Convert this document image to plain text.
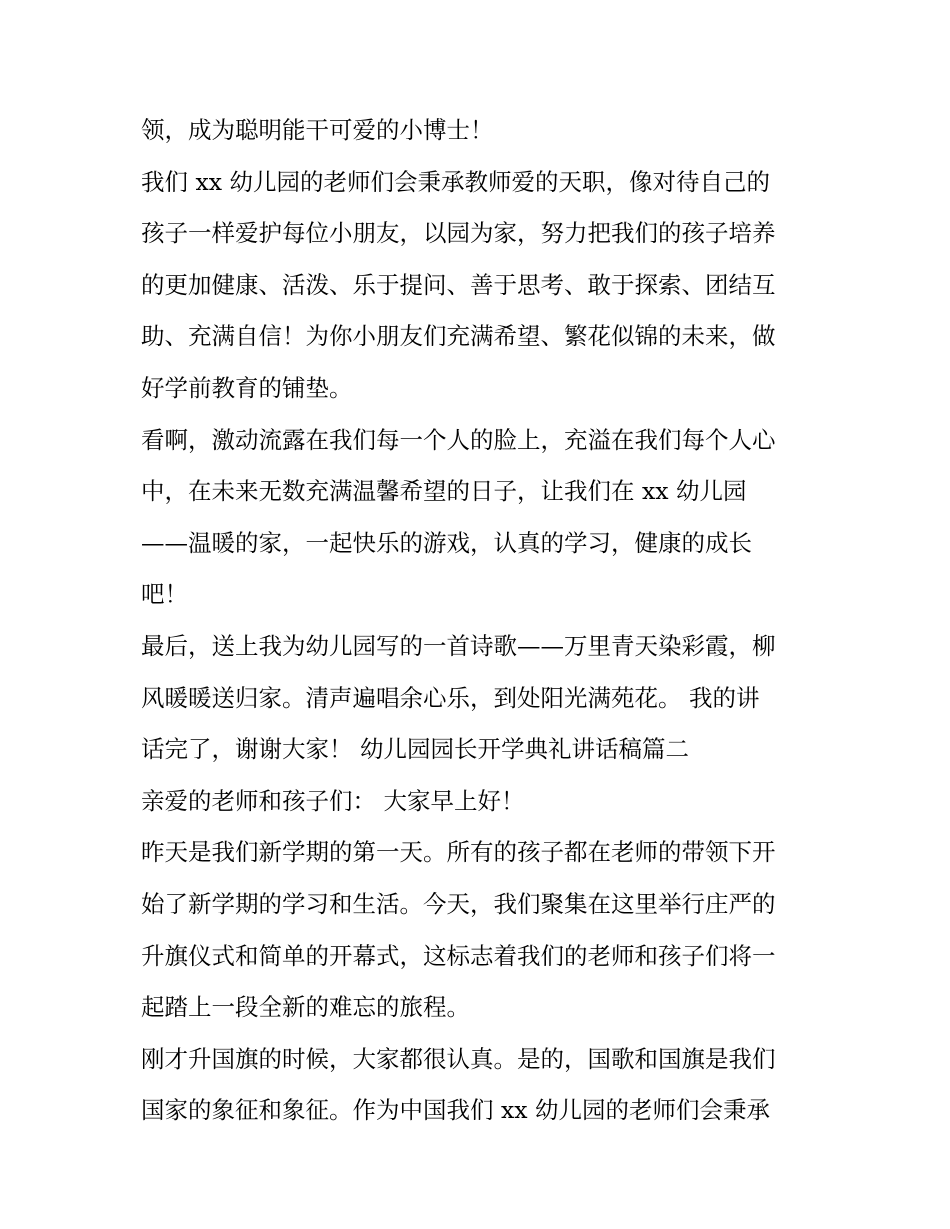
领，成为聪明能干可爱的小博士！
我们 xx 幼儿园的老师们会秉承教师爱的天职，像对待自己的
孩子一样爱护每位小朋友，以园为家，努力把我们的孩子培养
的更加健康、活泼、乐于提问、善于思考、敢于探索、团结互
助、充满自信！为你小朋友们充满希望、繁花似锦的未来，做
好学前教育的铺垫。
看啊，激动流露在我们每一个人的脸上，充溢在我们每个人心
中，在未来无数充满温馨希望的日子，让我们在 xx 幼儿园
——温暖的家，一起快乐的游戏，认真的学习，健康的成长
吧！
最后，送上我为幼儿园写的一首诗歌——万里青天染彩霞，柳
风暖暖送归家。清声遍唱余心乐，到处阳光满苑花。 我的讲
话完了，谢谢大家！ 幼儿园园长开学典礼讲话稿篇二
亲爱的老师和孩子们： 大家早上好！
昨天是我们新学期的第一天。所有的孩子都在老师的带领下开
始了新学期的学习和生活。今天，我们聚集在这里举行庄严的
升旗仪式和简单的开幕式，这标志着我们的老师和孩子们将一
起踏上一段全新的难忘的旅程。
刚才升国旗的时候，大家都很认真。是的，国歌和国旗是我们
国家的象征和象征。作为中国我们 xx 幼儿园的老师们会秉承
